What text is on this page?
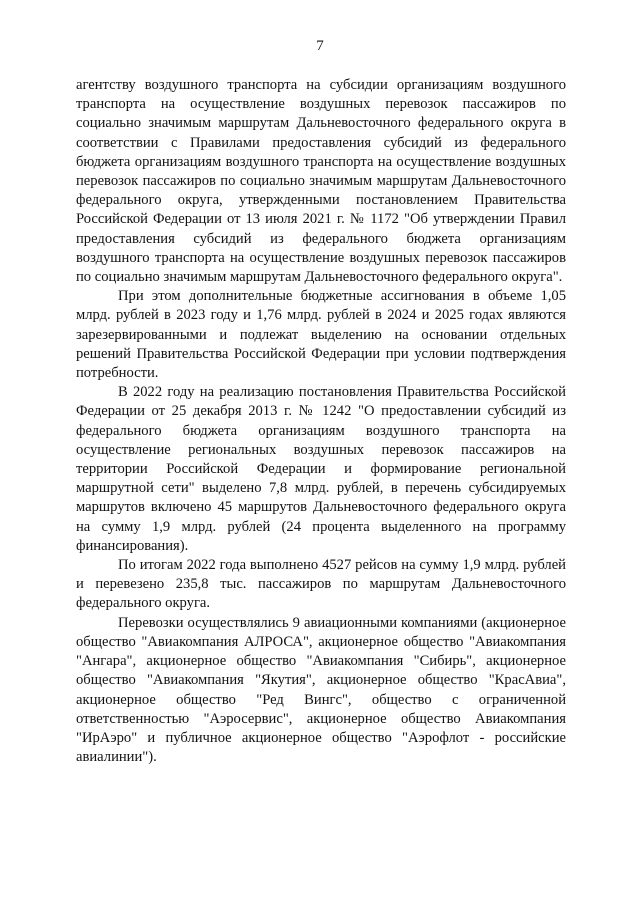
7

агентству воздушного транспорта на субсидии организациям воздушного транспорта на осуществление воздушных перевозок пассажиров по социально значимым маршрутам Дальневосточного федерального округа в соответствии с Правилами предоставления субсидий из федерального бюджета организациям воздушного транспорта на осуществление воздушных перевозок пассажиров по социально значимым маршрутам Дальневосточного федерального округа, утвержденными постановлением Правительства Российской Федерации от 13 июля 2021 г. № 1172 "Об утверждении Правил предоставления субсидий из федерального бюджета организациям воздушного транспорта на осуществление воздушных перевозок пассажиров по социально значимым маршрутам Дальневосточного федерального округа".

При этом дополнительные бюджетные ассигнования в объеме 1,05 млрд. рублей в 2023 году и 1,76 млрд. рублей в 2024 и 2025 годах являются зарезервированными и подлежат выделению на основании отдельных решений Правительства Российской Федерации при условии подтверждения потребности.

В 2022 году на реализацию постановления Правительства Российской Федерации от 25 декабря 2013 г. № 1242 "О предоставлении субсидий из федерального бюджета организациям воздушного транспорта на осуществление региональных воздушных перевозок пассажиров на территории Российской Федерации и формирование региональной маршрутной сети" выделено 7,8 млрд. рублей, в перечень субсидируемых маршрутов включено 45 маршрутов Дальневосточного федерального округа на сумму 1,9 млрд. рублей (24 процента выделенного на программу финансирования).

По итогам 2022 года выполнено 4527 рейсов на сумму 1,9 млрд. рублей и перевезено 235,8 тыс. пассажиров по маршрутам Дальневосточного федерального округа.

Перевозки осуществлялись 9 авиационными компаниями (акционерное общество "Авиакомпания АЛРОСА", акционерное общество "Авиакомпания "Ангара", акционерное общество "Авиакомпания "Сибирь", акционерное общество "Авиакомпания "Якутия", акционерное общество "КрасАвиа", акционерное общество "Ред Вингс", общество с ограниченной ответственностью "Аэросервис", акционерное общество Авиакомпания "ИрАэро" и публичное акционерное общество "Аэрофлот - российские авиалинии").
